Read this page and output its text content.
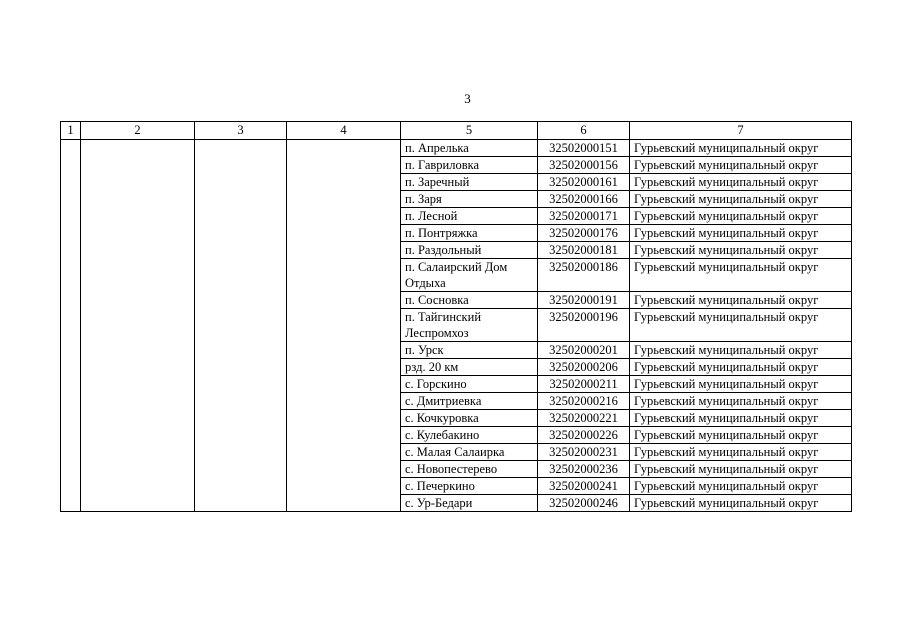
3
1	2	3	4	5	6	7
				п. Апрелька	32502000151	Гурьевский муниципальный округ
				п. Гавриловка	32502000156	Гурьевский муниципальный округ
				п. Заречный	32502000161	Гурьевский муниципальный округ
				п. Заря	32502000166	Гурьевский муниципальный округ
				п. Лесной	32502000171	Гурьевский муниципальный округ
				п. Понтряжка	32502000176	Гурьевский муниципальный округ
				п. Раздольный	32502000181	Гурьевский муниципальный округ
				п. Салаирский Дом Отдыха	32502000186	Гурьевский муниципальный округ
				п. Сосновка	32502000191	Гурьевский муниципальный округ
				п. Тайгинский Леспромхоз	32502000196	Гурьевский муниципальный округ
				п. Урск	32502000201	Гурьевский муниципальный округ
				рзд. 20 км	32502000206	Гурьевский муниципальный округ
				с. Горскино	32502000211	Гурьевский муниципальный округ
				с. Дмитриевка	32502000216	Гурьевский муниципальный округ
				с. Кочкуровка	32502000221	Гурьевский муниципальный округ
				с. Кулебакино	32502000226	Гурьевский муниципальный округ
				с. Малая Салаирка	32502000231	Гурьевский муниципальный округ
				с. Новопестерево	32502000236	Гурьевский муниципальный округ
				с. Печеркино	32502000241	Гурьевский муниципальный округ
				с. Ур-Бедари	32502000246	Гурьевский муниципальный округ
